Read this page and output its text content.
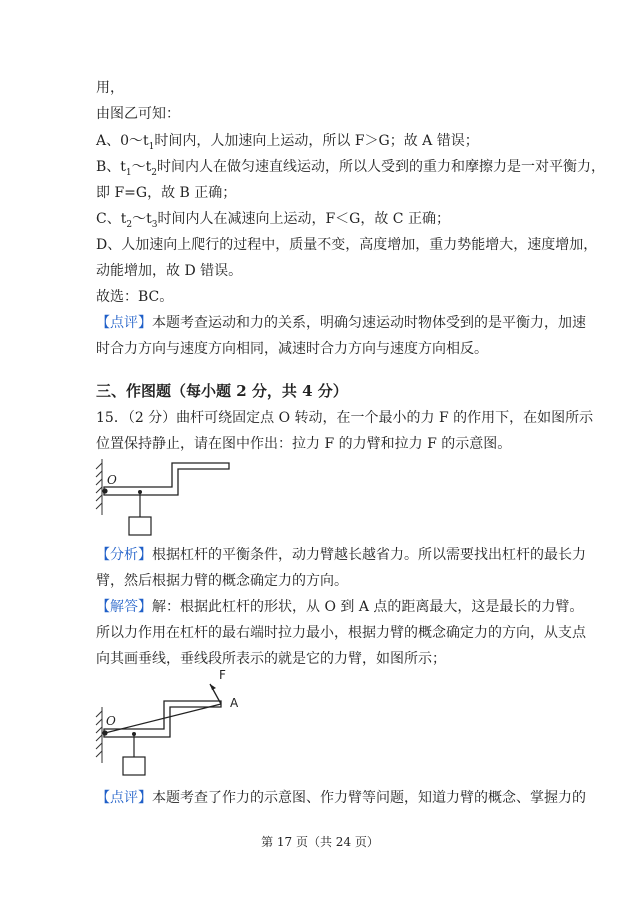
用，
由图乙可知：
A、$0\sim t_1$时间内，人加速向上运动，所以 F＞G；故 A 错误；
B、$t_1\sim t_2$时间内人在做匀速直线运动，所以人受到的重力和摩擦力是一对平衡力，
即 F=G，故 B 正确；
C、$t_2\sim t_3$时间内人在减速向上运动，F＜G，故 C 正确；
D、人加速向上爬行的过程中，质量不变，高度增加，重力势能增大，速度增加，
动能增加，故 D 错误。
故选：BC。
【点评】本题考查运动和力的关系，明确匀速运动时物体受到的是平衡力，加速
时合力方向与速度方向相同，减速时合力方向与速度方向相反。
三、作图题（每小题 2 分，共 4 分）
15．（2 分）曲杆可绕固定点 O 转动，在一个最小的力 F 的作用下，在如图所示
位置保持静止，请在图中作出：拉力 F 的力臂和拉力 F 的示意图。
O
【分析】根据杠杆的平衡条件，动力臂越长越省力。所以需要找出杠杆的最长力
臂，然后根据力臂的概念确定力的方向。
【解答】解：根据此杠杆的形状，从 O 到 A 点的距离最大，这是最长的力臂。
所以力作用在杠杆的最右端时拉力最小，根据力臂的概念确定力的方向，从支点
向其画垂线，垂线段所表示的就是它的力臂，如图所示；
O
F
A
【点评】本题考查了作力的示意图、作力臂等问题，知道力臂的概念、掌握力的
第 17 页（共 24 页）
